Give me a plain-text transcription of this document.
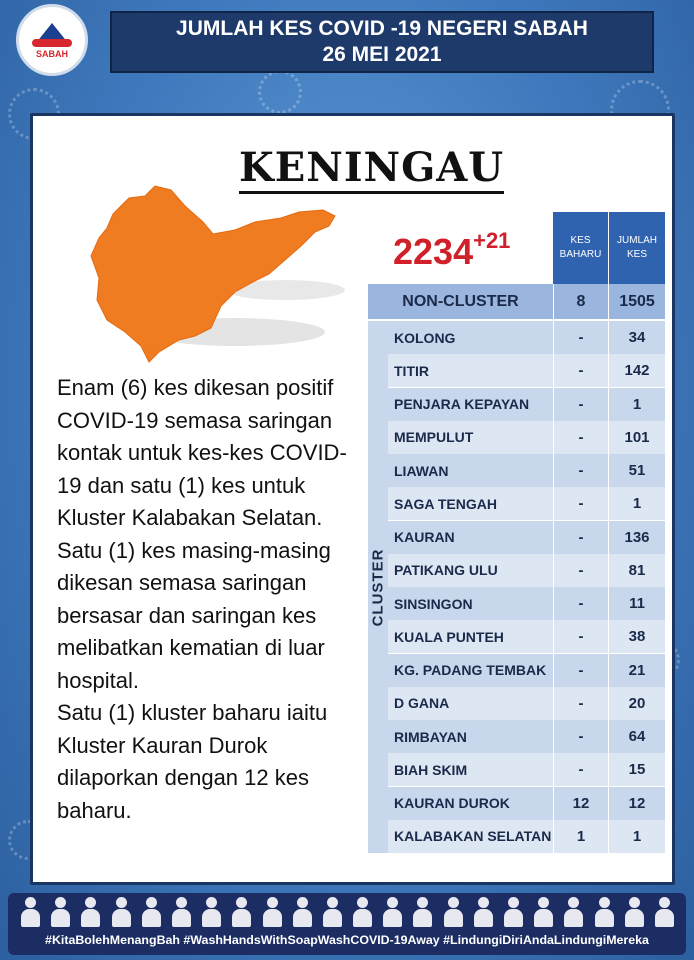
SABAH
JUMLAH KES COVID -19 NEGERI SABAH
26 MEI 2021
KENINGAU
$2234^{+21}$	KES
BAHARU
JUMLAH
KES
NON-CLUSTER	8	1505
CLUSTER

Enam (6) kes dikesan positif COVID-19 semasa saringan kontak untuk kes-kes COVID-19 dan satu (1) kes untuk Kluster Kalabakan Selatan.

Satu (1) kes masing-masing dikesan semasa saringan bersasar dan saringan kes melibatkan kematian di luar hospital.

Satu (1) kluster baharu iaitu Kluster Kauran Durok dilaporkan dengan 12 kes baharu.

KOLONG	-	34
TITIR	-	142
PENJARA KEPAYAN	-	1
MEMPULUT	-	101
LIAWAN	-	51
SAGA TENGAH	-	1
KAURAN	-	136
PATIKANG ULU	-	81
SINSINGON	-	11
KUALA PUNTEH	-	38
KG. PADANG TEMBAK	-	21
D GANA	-	20
RIMBAYAN	-	64
BIAH SKIM	-	15
KAURAN DUROK	12	12
KALABAKAN SELATAN	1	1
#KitaBolehMenangBah #WashHandsWithSoapWashCOVID-19Away #LindungiDiriAndaLindungiMereka
